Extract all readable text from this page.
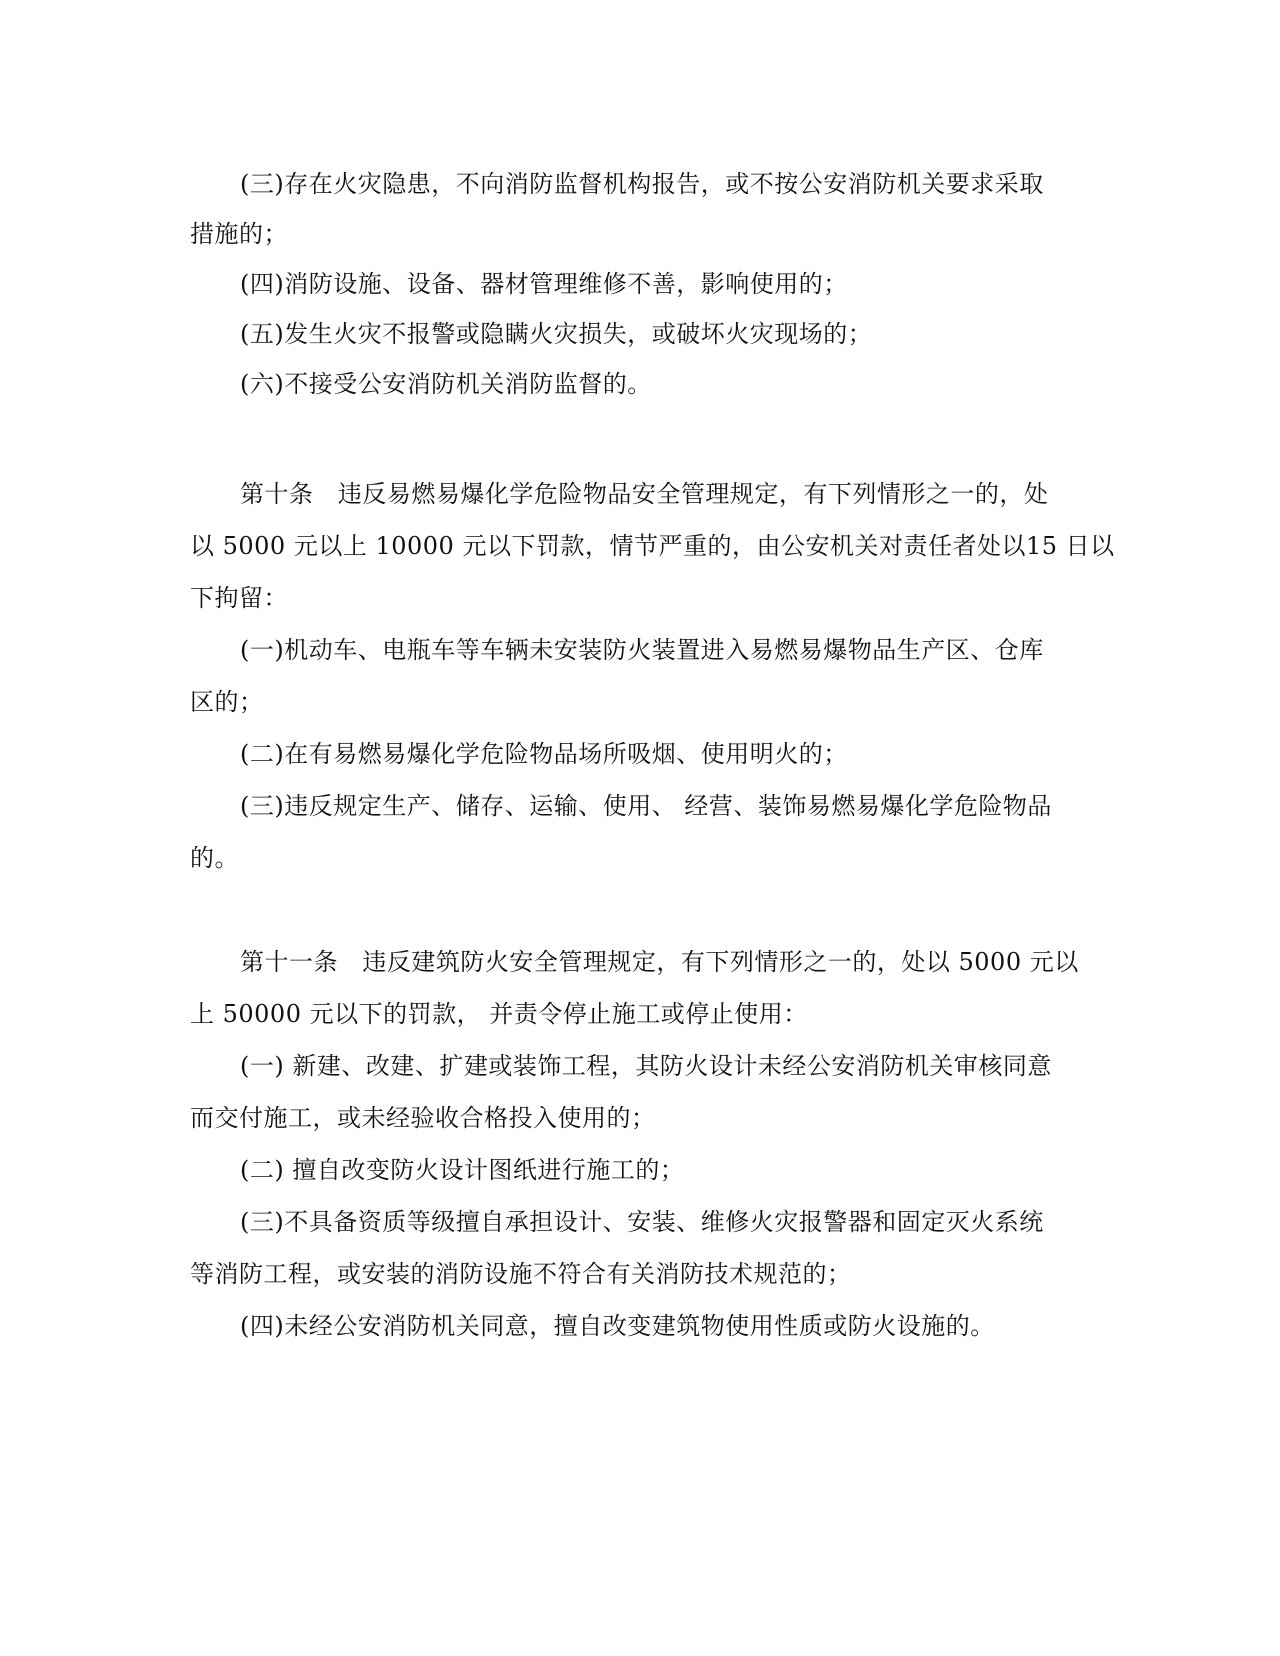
(三)存在火灾隐患，不向消防监督机构报告，或不按公安消防机关要求采取
措施的；
(四)消防设施、设备、器材管理维修不善，影响使用的；
(五)发生火灾不报警或隐瞒火灾损失，或破坏火灾现场的；
(六)不接受公安消防机关消防监督的。
第十条   违反易燃易爆化学危险物品安全管理规定，有下列情形之一的，处
以 5000 元以上 10000 元以下罚款，情节严重的，由公安机关对责任者处以15 日以
下拘留：
(一)机动车、电瓶车等车辆未安装防火装置进入易燃易爆物品生产区、仓库
区的；
(二)在有易燃易爆化学危险物品场所吸烟、使用明火的；
(三)违反规定生产、储存、运输、使用、 经营、装饰易燃易爆化学危险物品
的。
第十一条   违反建筑防火安全管理规定，有下列情形之一的，处以 5000 元以
上 50000 元以下的罚款， 并责令停止施工或停止使用：
(一) 新建、改建、扩建或装饰工程，其防火设计未经公安消防机关审核同意
而交付施工，或未经验收合格投入使用的；
(二) 擅自改变防火设计图纸进行施工的；
(三)不具备资质等级擅自承担设计、安装、维修火灾报警器和固定灭火系统
等消防工程，或安装的消防设施不符合有关消防技术规范的；
(四)未经公安消防机关同意，擅自改变建筑物使用性质或防火设施的。
